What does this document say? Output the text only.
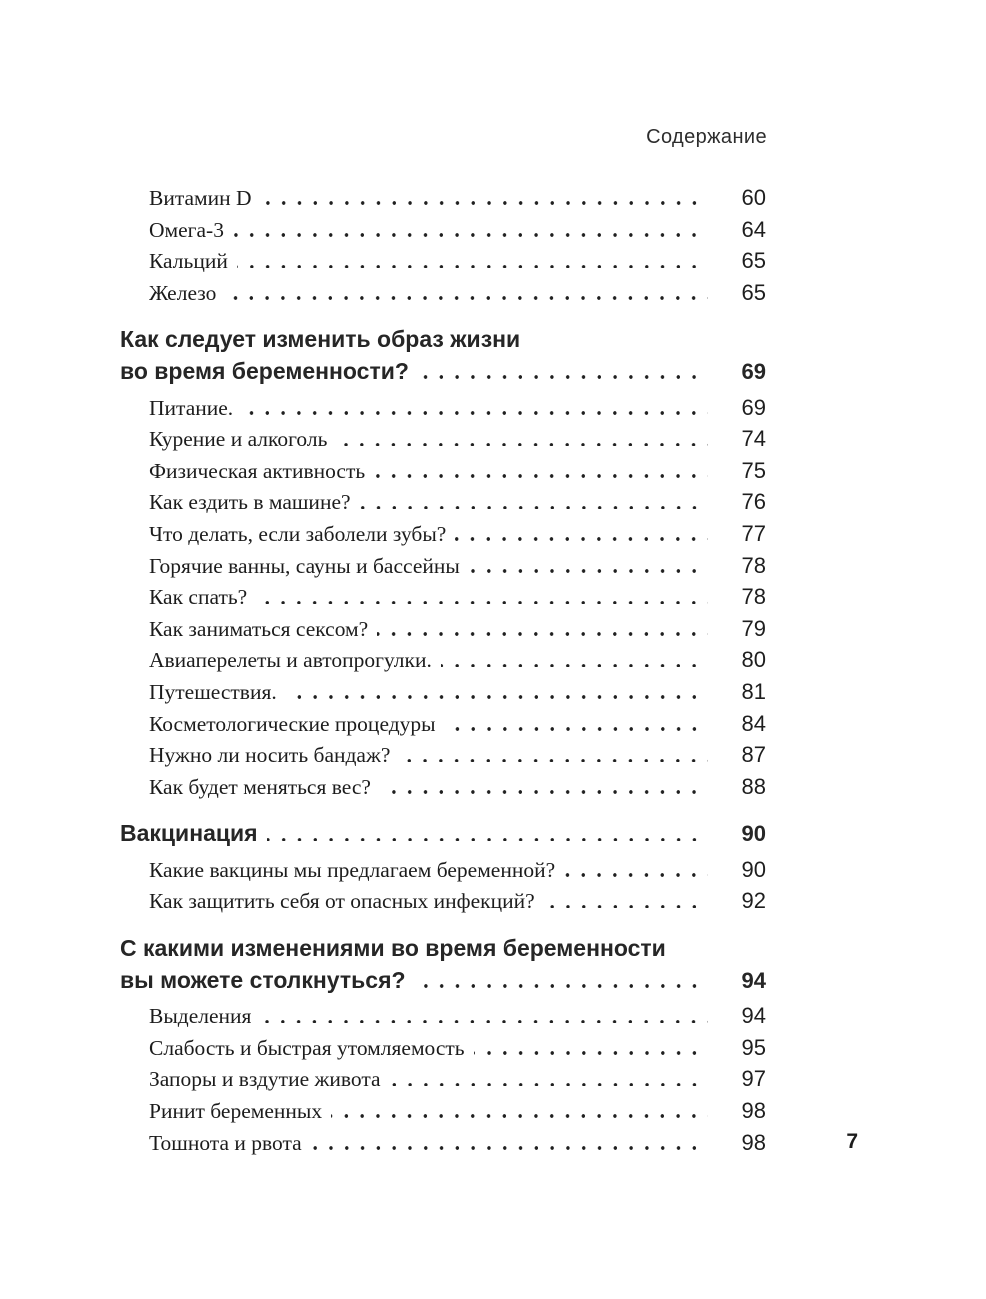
Содержание
Витамин D	60
Омега-3	64
Кальций	65
Железо	65
Как следует изменить образ жизни
во время беременности?	69
Питание.	69
Курение и алкоголь	74
Физическая активность	75
Как ездить в машине?	76
Что делать, если заболели зубы?	77
Горячие ванны, сауны и бассейны	78
Как спать?	78
Как заниматься сексом?	79
Авиаперелеты и автопрогулки.	80
Путешествия.	81
Косметологические процедуры	84
Нужно ли носить бандаж?	87
Как будет меняться вес?	88
Вакцинация	90
Какие вакцины мы предлагаем беременной?	90
Как защитить себя от опасных инфекций?	92
С какими изменениями во время беременности
вы можете столкнуться?	94
Выделения	94
Слабость и быстрая утомляемость	95
Запоры и вздутие живота	97
Ринит беременных	98
Тошнота и рвота	98	7
